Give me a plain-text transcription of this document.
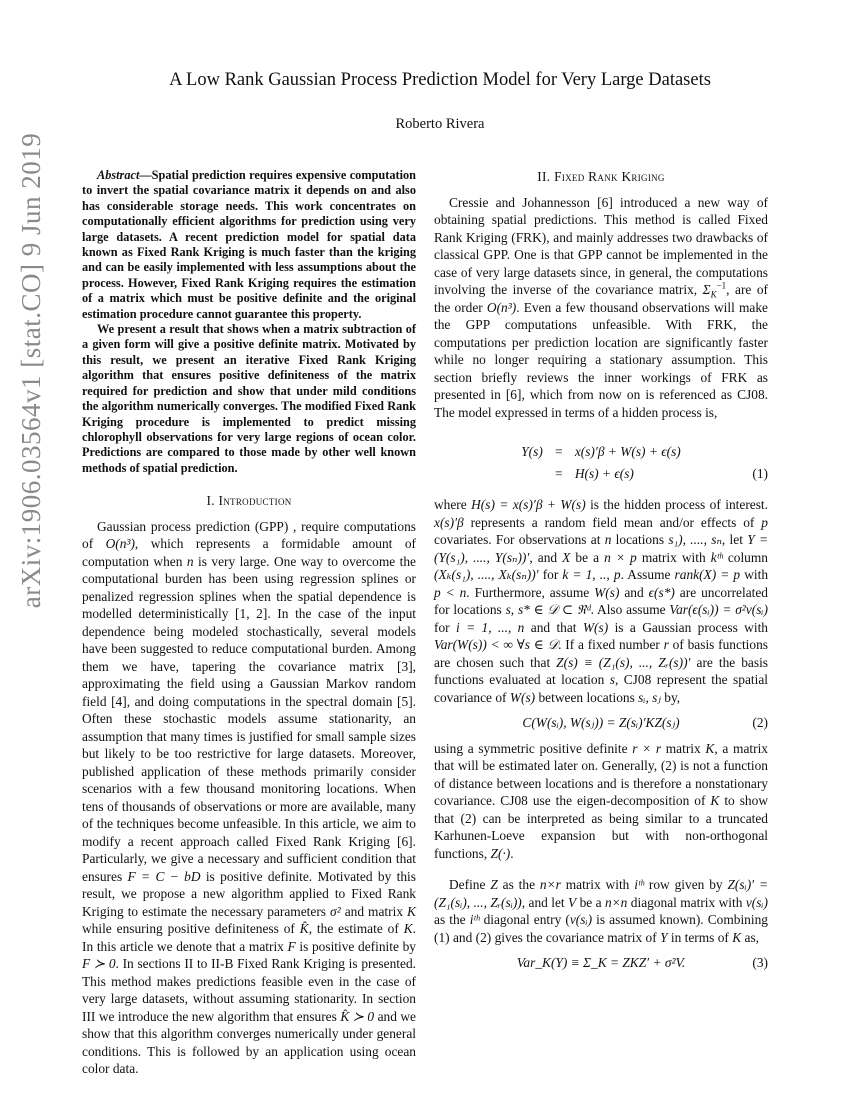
arXiv:1906.03564v1 [stat.CO] 9 Jun 2019
A Low Rank Gaussian Process Prediction Model for Very Large Datasets
Roberto Rivera

Abstract—Spatial prediction requires expensive computation to invert the spatial covariance matrix it depends on and also has considerable storage needs. This work concentrates on computationally efficient algorithms for prediction using very large datasets. A recent prediction model for spatial data known as Fixed Rank Kriging is much faster than the kriging and can be easily implemented with less assumptions about the process. However, Fixed Rank Kriging requires the estimation of a matrix which must be positive definite and the original estimation procedure cannot guarantee this property.

We present a result that shows when a matrix subtraction of a given form will give a positive definite matrix. Motivated by this result, we present an iterative Fixed Rank Kriging algorithm that ensures positive definiteness of the matrix required for prediction and show that under mild conditions the algorithm numerically converges. The modified Fixed Rank Kriging procedure is implemented to predict missing chlorophyll observations for very large regions of ocean color. Predictions are compared to those made by other well known methods of spatial prediction.

I. Introduction

Gaussian process prediction (GPP) , require computations of O(n³), which represents a formidable amount of computation when n is very large. One way to overcome the computational burden has been using regression splines or penalized regression splines when the spatial dependence is modelled deterministically [1, 2]. In the case of the input dependence being modeled stochastically, several models have been suggested to reduce computational burden. Among them we have, tapering the covariance matrix [3], approximating the field using a Gaussian Markov random field [4], and doing computations in the spectral domain [5]. Often these stochastic models assume stationarity, an assumption that many times is justified for small sample sizes but likely to be too restrictive for large datasets. Moreover, published application of these methods primarily consider scenarios with a few thousand monitoring locations. When tens of thousands of observations or more are available, many of the techniques become unfeasible. In this article, we aim to modify a recent approach called Fixed Rank Kriging [6]. Particularly, we give a necessary and sufficient condition that ensures F = C − bD is positive definite. Motivated by this result, we propose a new algorithm applied to Fixed Rank Kriging to estimate the necessary parameters σ² and matrix K while ensuring positive definiteness of K̂, the estimate of K. In this article we denote that a matrix F is positive definite by F ≻ 0. In sections II to II-B Fixed Rank Kriging is presented. This method makes predictions feasible even in the case of very large datasets, without assuming stationarity. In section III we introduce the new algorithm that ensures K̂ ≻ 0 and we show that this algorithm converges numerically under general conditions. This is followed by an application using ocean color data.

II. Fixed Rank Kriging

Cressie and Johannesson [6] introduced a new way of obtaining spatial predictions. This method is called Fixed Rank Kriging (FRK), and mainly addresses two drawbacks of classical GPP. One is that GPP cannot be implemented in the case of very large datasets since, in general, the computations involving the inverse of the covariance matrix, $\Sigma_K^{-1}$, are of the order O(n³). Even a few thousand observations will make the GPP computations unfeasible. With FRK, the computations per prediction location are significantly faster while no longer requiring a stationary assumption. This section briefly reviews the inner workings of FRK as presented in [6], which from now on is referenced as CJ08. The model expressed in terms of a hidden process is,

Y(s) = x(s)′β + W(s) + ϵ(s)
= H(s) + ϵ(s)	(1)

where H(s) = x(s)′β + W(s) is the hidden process of interest. x(s)′β represents a random field mean and/or effects of p covariates. For observations at n locations s₁), ...., sₙ, let Y = (Y(s₁), ...., Y(sₙ))′, and X be a n × p matrix with kᵗʰ column (Xₖ(s₁), ...., Xₖ(sₙ))′ for k = 1, .., p. Assume rank(X) = p with p < n. Furthermore, assume W(s) and ϵ(s*) are uncorrelated for locations s, s* ∈ 𝒟 ⊂ ℜᵈ. Also assume Var(ϵ(sᵢ)) = σ²v(sᵢ) for i = 1, ..., n and that W(s) is a Gaussian process with Var(W(s)) < ∞ ∀s ∈ 𝒟. If a fixed number r of basis functions are chosen such that Z(s) ≡ (Z₁(s), ..., Zᵣ(s))′ are the basis functions evaluated at location s, CJ08 represent the spatial covariance of W(s) between locations sᵢ, sⱼ by,

C(W(sᵢ), W(sⱼ)) = Z(sᵢ)′KZ(sⱼ)	(2)

using a symmetric positive definite r × r matrix K, a matrix that will be estimated later on. Generally, (2) is not a function of distance between locations and is therefore a nonstationary covariance. CJ08 use the eigen-decomposition of K to show that (2) can be interpreted as being similar to a truncated Karhunen-Loeve expansion but with non-orthogonal functions, Z(·).

Define Z as the n×r matrix with iᵗʰ row given by Z(sᵢ)′ = (Z₁(sᵢ), ..., Zᵣ(sᵢ)), and let V be a n×n diagonal matrix with v(sᵢ) as the iᵗʰ diagonal entry (v(sᵢ) is assumed known). Combining (1) and (2) gives the covariance matrix of Y in terms of K as,

Var_K(Y) ≡ Σ_K = ZKZ′ + σ²V.	(3)
